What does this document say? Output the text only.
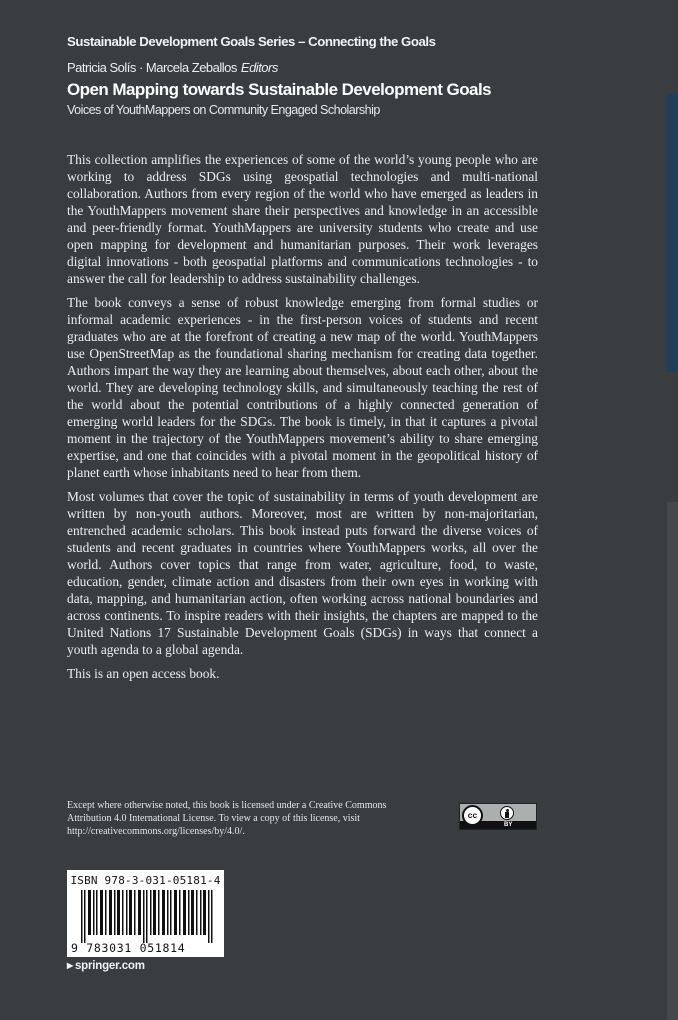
Sustainable Development Goals Series – Connecting the Goals
Patricia Solís · Marcela Zeballos Editors
Open Mapping towards Sustainable Development Goals
Voices of YouthMappers on Community Engaged Scholarship

This collection amplifies the experiences of some of the world’s young people who are working to address SDGs using geospatial technologies and multi-national collaboration. Authors from every region of the world who have emerged as leaders in the YouthMappers movement share their perspectives and knowledge in an accessible and peer-friendly format. YouthMappers are university students who create and use open mapping for development and humanitarian purposes. Their work leverages digital innovations - both geospatial platforms and communications technologies - to answer the call for leadership to address sustainability challenges.

The book conveys a sense of robust knowledge emerging from formal studies or informal academic experiences - in the first-person voices of students and recent graduates who are at the forefront of creating a new map of the world. YouthMappers use OpenStreetMap as the foundational sharing mechanism for creating data together. Authors impart the way they are learning about themselves, about each other, about the world. They are developing technology skills, and simultaneously teaching the rest of the world about the potential contributions of a highly connected generation of emerging world leaders for the SDGs. The book is timely, in that it captures a pivotal moment in the trajectory of the YouthMappers movement’s ability to share emerging expertise, and one that coincides with a pivotal moment in the geopolitical history of planet earth whose inhabitants need to hear from them.

Most volumes that cover the topic of sustainability in terms of youth development are written by non-youth authors. Moreover, most are written by non-majoritarian, entrenched academic scholars. This book instead puts forward the diverse voices of students and recent graduates in countries where YouthMappers works, all over the world. Authors cover topics that range from water, agriculture, food, to waste, education, gender, climate action and disasters from their own eyes in working with data, mapping, and humanitarian action, often working across national boundaries and across continents. To inspire readers with their insights, the chapters are mapped to the United Nations 17 Sustainable Development Goals (SDGs) in ways that connect a youth agenda to a global agenda.

This is an open access book.

Except where otherwise noted, this book is licensed under a Creative Commons Attribution 4.0 International License. To view a copy of this license, visit http://creativecommons.org/licenses/by/4.0/.
cc
BY
ISBN 978-3-031-05181-4
9 783031 051814
▶ springer.com
